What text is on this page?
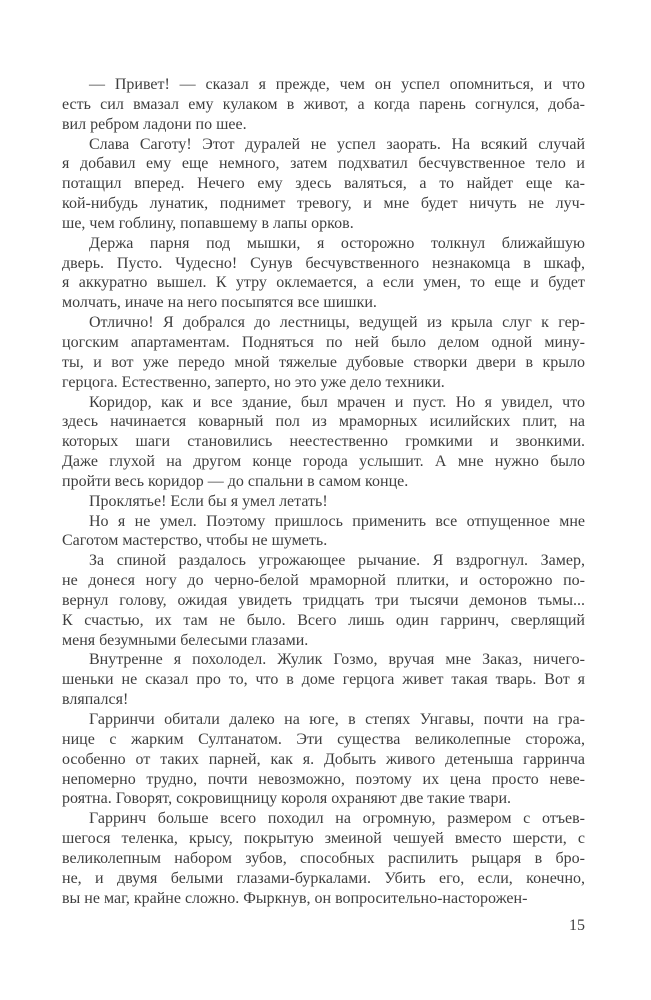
— Привет! — сказал я прежде, чем он успел опомниться, и что
есть сил вмазал ему кулаком в живот, а когда парень согнулся, доба-
вил ребром ладони по шее.
Слава Саготу! Этот дуралей не успел заорать. На всякий случай
я добавил ему еще немного, затем подхватил бесчувственное тело и
потащил вперед. Нечего ему здесь валяться, а то найдет еще ка-
кой-нибудь лунатик, поднимет тревогу, и мне будет ничуть не луч-
ше, чем гоблину, попавшему в лапы орков.
Держа парня под мышки, я осторожно толкнул ближайшую
дверь. Пусто. Чудесно! Сунув бесчувственного незнакомца в шкаф,
я аккуратно вышел. К утру оклемается, а если умен, то еще и будет
молчать, иначе на него посыпятся все шишки.
Отлично! Я добрался до лестницы, ведущей из крыла слуг к гер-
цогским апартаментам. Подняться по ней было делом одной мину-
ты, и вот уже передо мной тяжелые дубовые створки двери в крыло
герцога. Естественно, заперто, но это уже дело техники.
Коридор, как и все здание, был мрачен и пуст. Но я увидел, что
здесь начинается коварный пол из мраморных исилийских плит, на
которых шаги становились неестественно громкими и звонкими.
Даже глухой на другом конце города услышит. А мне нужно было
пройти весь коридор — до спальни в самом конце.
Проклятье! Если бы я умел летать!
Но я не умел. Поэтому пришлось применить все отпущенное мне
Саготом мастерство, чтобы не шуметь.
За спиной раздалось угрожающее рычание. Я вздрогнул. Замер,
не донеся ногу до черно-белой мраморной плитки, и осторожно по-
вернул голову, ожидая увидеть тридцать три тысячи демонов тьмы...
К счастью, их там не было. Всего лишь один гарринч, сверлящий
меня безумными белесыми глазами.
Внутренне я похолодел. Жулик Гозмо, вручая мне Заказ, ничего-
шеньки не сказал про то, что в доме герцога живет такая тварь. Вот я
вляпался!
Гарринчи обитали далеко на юге, в степях Унгавы, почти на гра-
нице с жарким Султанатом. Эти существа великолепные сторожа,
особенно от таких парней, как я. Добыть живого детеныша гарринча
непомерно трудно, почти невозможно, поэтому их цена просто неве-
роятна. Говорят, сокровищницу короля охраняют две такие твари.
Гарринч больше всего походил на огромную, размером с отъев-
шегося теленка, крысу, покрытую змеиной чешуей вместо шерсти, с
великолепным набором зубов, способных распилить рыцаря в бро-
не, и двумя белыми глазами-буркалами. Убить его, если, конечно,
вы не маг, крайне сложно. Фыркнув, он вопросительно-насторожен-
15
